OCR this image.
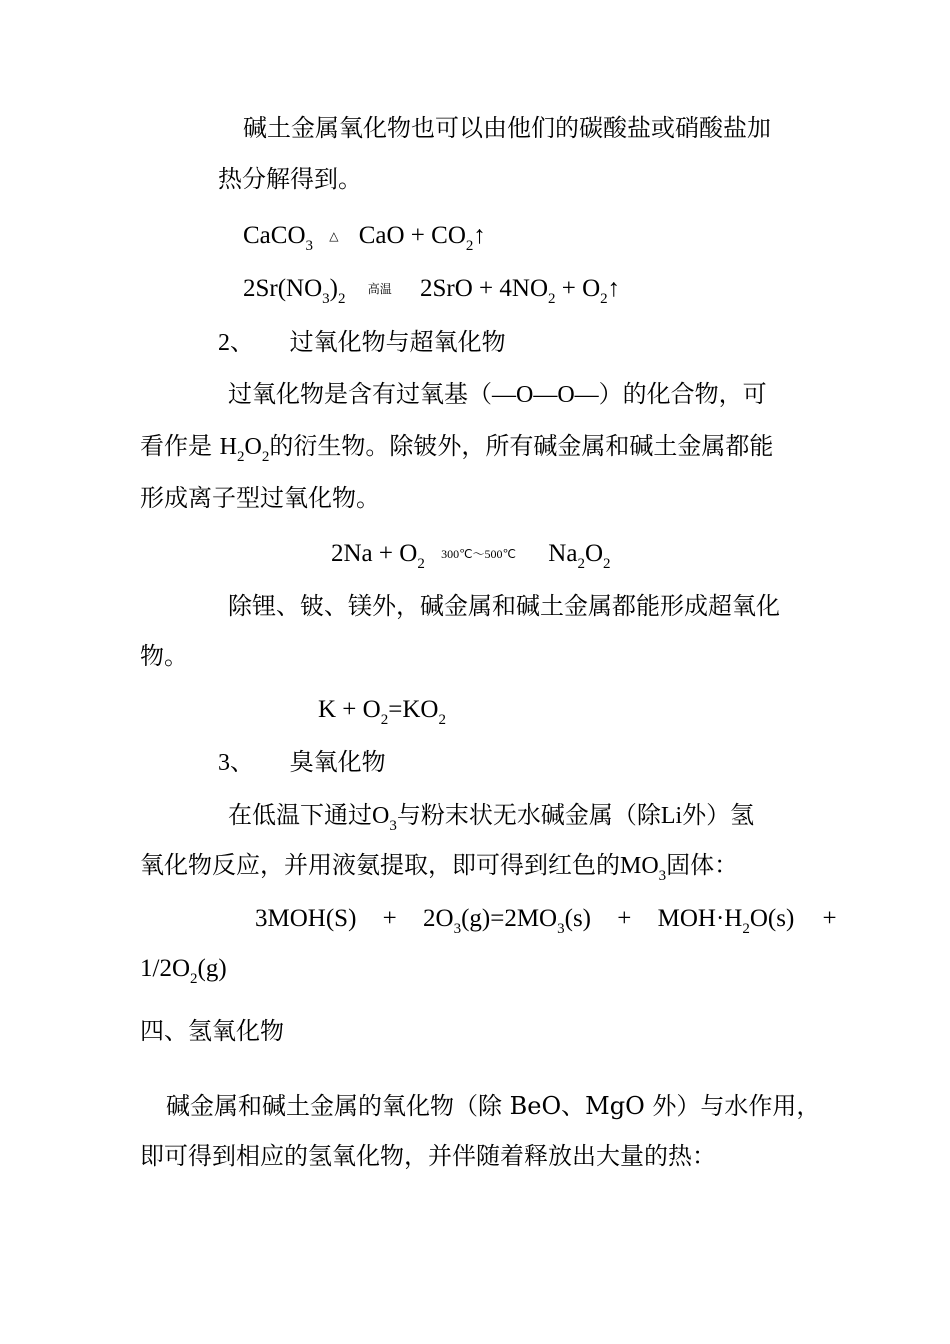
碱土金属氧化物也可以由他们的碳酸盐或硝酸盐加
热分解得到。
CaCO$_3$ △ CaO + $CO_2↑$
$2Sr(NO_3)_2$ 高温 $2SrO + 4NO_2$ + $O_2↑$
2、 过氧化物与超氧化物
过氧化物是含有过氧基（—O—O—）的化合物，可
看作是 $H_2O_2$的衍生物。除铍外，所有碱金属和碱土金属都能
形成离子型过氧化物。
$2Na + O_2$ 300℃～500℃ $Na_2O_2$
除锂、铍、镁外，碱金属和碱土金属都能形成超氧化
物。
$K + O_2=KO_2$
3、 臭氧化物
在低温下通过$O_3$与粉末状无水碱金属（除Li外）氢
氧化物反应，并用液氨提取，即可得到红色的$MO_3$固体：
$3MOH(S) + 2O_3(g)=2MO_3(s) + MOH\cdot H_2O(s)$ +
$1/2O_2(g)$
四、氢氧化物
碱金属和碱土金属的氧化物（除 BeO、MgO 外）与水作用，
即可得到相应的氢氧化物，并伴随着释放出大量的热：
